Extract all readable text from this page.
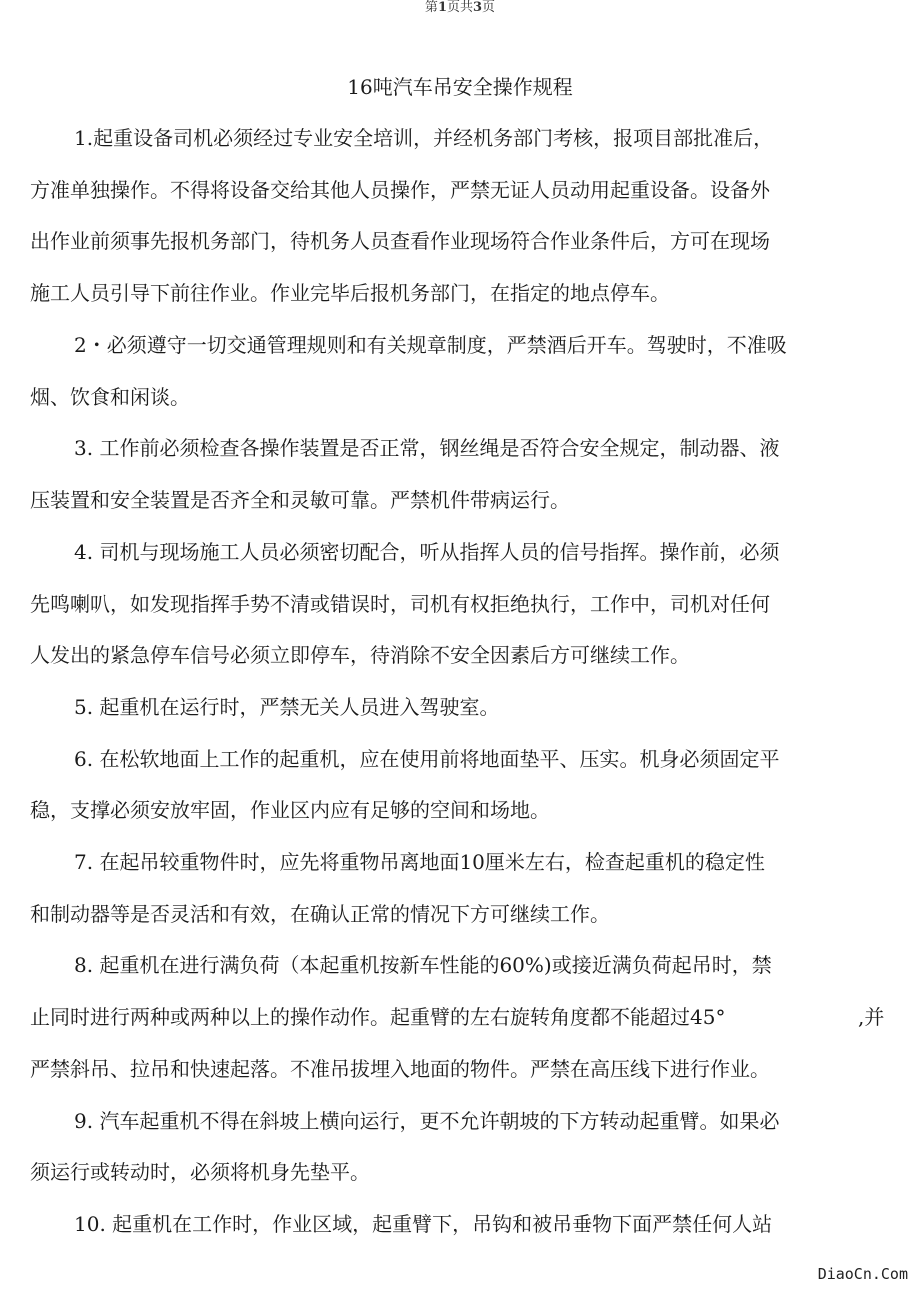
第1页共3页
16吨汽车吊安全操作规程
1.起重设备司机必须经过专业安全培训，并经机务部门考核，报项目部批准后，
方准单独操作。不得将设备交给其他人员操作，严禁无证人员动用起重设备。设备外
出作业前须事先报机务部门，待机务人员查看作业现场符合作业条件后，方可在现场
施工人员引导下前往作业。作业完毕后报机务部门，在指定的地点停车。
2・必须遵守一切交通管理规则和有关规章制度，严禁酒后开车。驾驶时，不准吸
烟、饮食和闲谈。
3. 工作前必须检查各操作装置是否正常，钢丝绳是否符合安全规定，制动器、液
压装置和安全装置是否齐全和灵敏可靠。严禁机件带病运行。
4. 司机与现场施工人员必须密切配合，听从指挥人员的信号指挥。操作前，必须
先鸣喇叭，如发现指挥手势不清或错误时，司机有权拒绝执行，工作中，司机对任何
人发出的紧急停车信号必须立即停车，待消除不安全因素后方可继续工作。
5. 起重机在运行时，严禁无关人员进入驾驶室。
6. 在松软地面上工作的起重机，应在使用前将地面垫平、压实。机身必须固定平
稳，支撑必须安放牢固，作业区内应有足够的空间和场地。
7. 在起吊较重物件时，应先将重物吊离地面10厘米左右，检查起重机的稳定性
和制动器等是否灵活和有效，在确认正常的情况下方可继续工作。
8. 起重机在进行满负荷（本起重机按新车性能的60%)或接近满负荷起吊时，禁
止同时进行两种或两种以上的操作动作。起重臂的左右旋转角度都不能超过45°	,并
严禁斜吊、拉吊和快速起落。不准吊拔埋入地面的物件。严禁在高压线下进行作业。
9. 汽车起重机不得在斜坡上横向运行，更不允许朝坡的下方转动起重臂。如果必
须运行或转动时，必须将机身先垫平。
10. 起重机在工作时，作业区域，起重臂下，吊钩和被吊垂物下面严禁任何人站
DiaoCn.Com
